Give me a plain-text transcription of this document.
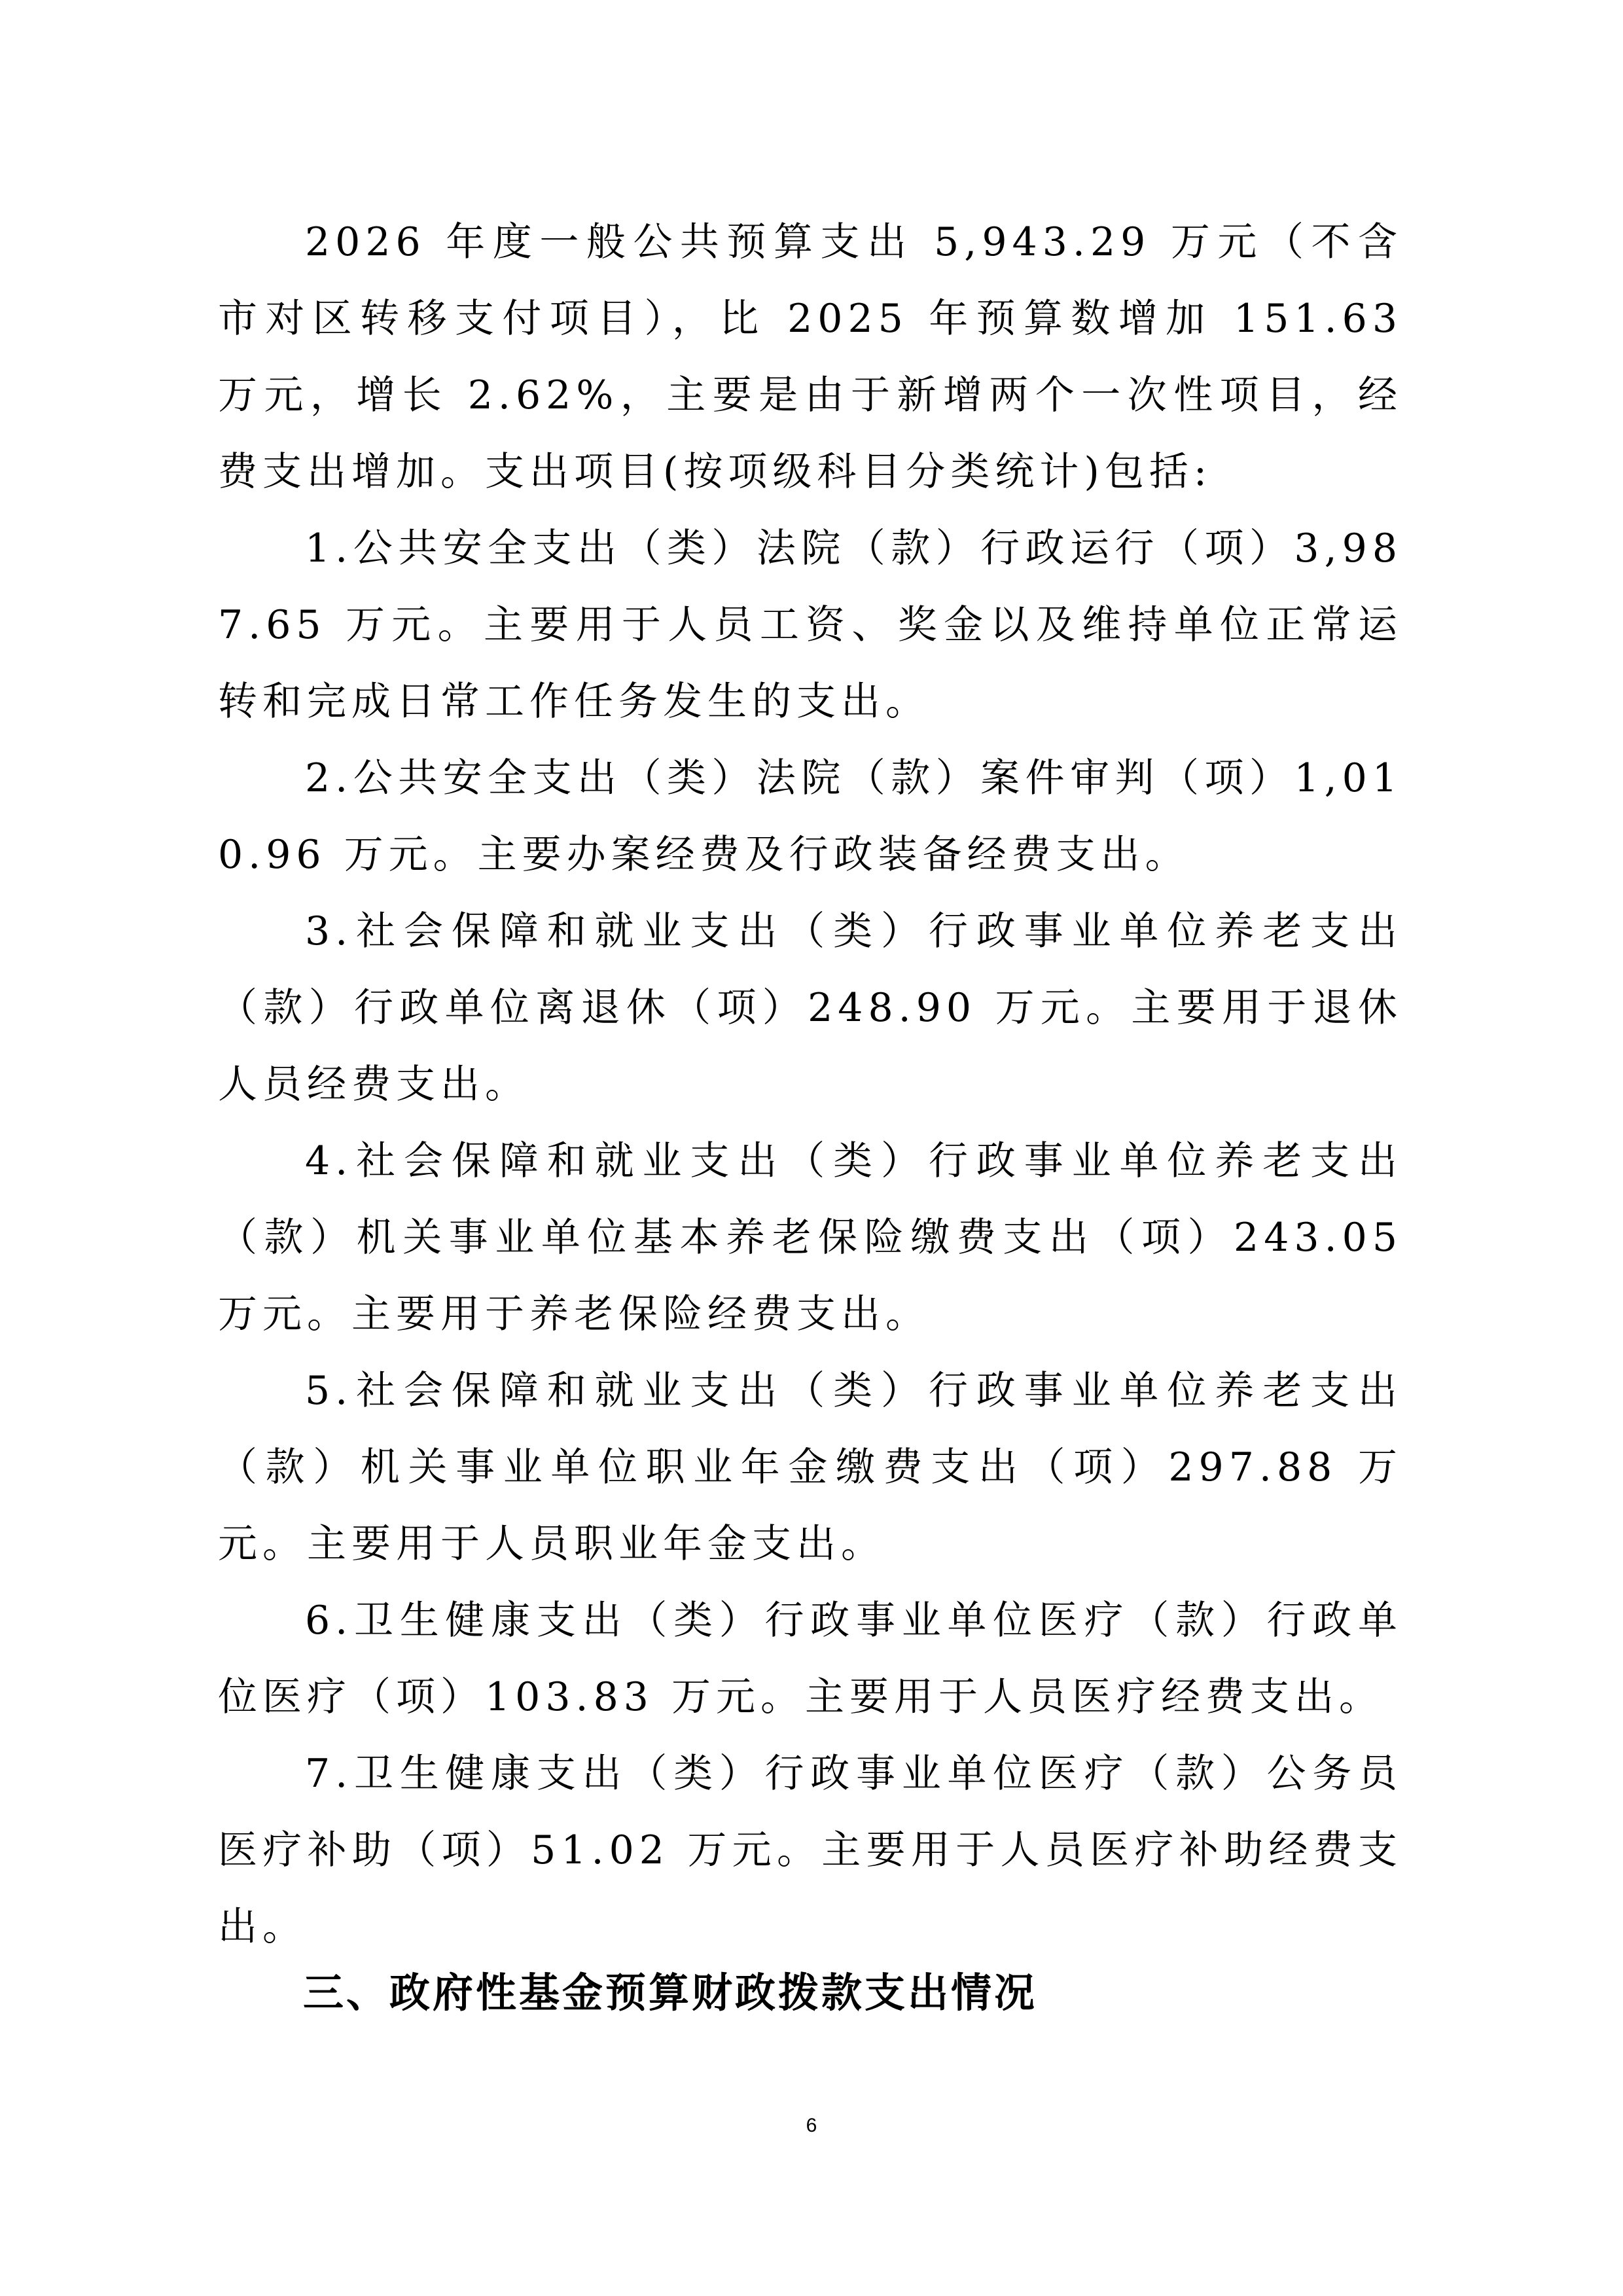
2026 年度一般公共预算支出 5,943.29 万元（不含市对区转移支付项目），比 2025 年预算数增加 151.63 万元，增长 2.62%，主要是由于新增两个一次性项目，经费支出增加。支出项目(按项级科目分类统计)包括:

1.公共安全支出（类）法院（款）行政运行（项）3,987.65 万元。主要用于人员工资、奖金以及维持单位正常运转和完成日常工作任务发生的支出。

2.公共安全支出（类）法院（款）案件审判（项）1,010.96 万元。主要办案经费及行政装备经费支出。

3.社会保障和就业支出（类）行政事业单位养老支出（款）行政单位离退休（项）248.90 万元。主要用于退休人员经费支出。

4.社会保障和就业支出（类）行政事业单位养老支出（款）机关事业单位基本养老保险缴费支出（项）243.05 万元。主要用于养老保险经费支出。

5.社会保障和就业支出（类）行政事业单位养老支出（款）机关事业单位职业年金缴费支出（项）297.88 万元。主要用于人员职业年金支出。

6.卫生健康支出（类）行政事业单位医疗（款）行政单位医疗（项）103.83 万元。主要用于人员医疗经费支出。

7.卫生健康支出（类）行政事业单位医疗（款）公务员医疗补助（项）51.02 万元。主要用于人员医疗补助经费支出。

三、政府性基金预算财政拨款支出情况
6
